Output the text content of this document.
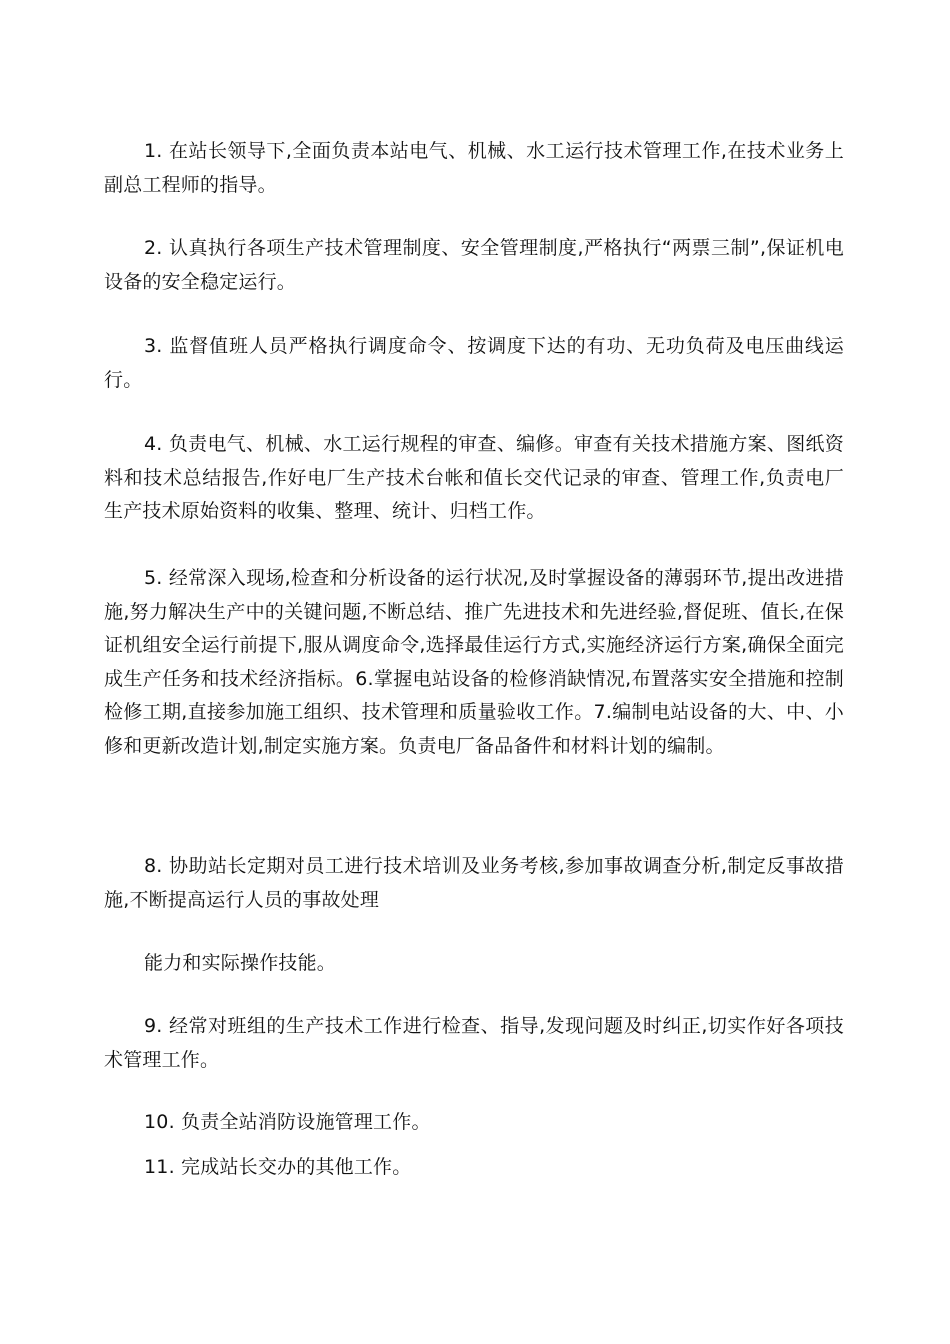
1. 在站长领导下,全面负责本站电气、机械、水工运行技术管理工作,在技术业务上副总工程师的指导。

2. 认真执行各项生产技术管理制度、安全管理制度,严格执行“两票三制”,保证机电设备的安全稳定运行。

3. 监督值班人员严格执行调度命令、按调度下达的有功、无功负荷及电压曲线运行。

4. 负责电气、机械、水工运行规程的审查、编修。审查有关技术措施方案、图纸资料和技术总结报告,作好电厂生产技术台帐和值长交代记录的审查、管理工作,负责电厂生产技术原始资料的收集、整理、统计、归档工作。

5. 经常深入现场,检查和分析设备的运行状况,及时掌握设备的薄弱环节,提出改进措施,努力解决生产中的关键问题,不断总结、推广先进技术和先进经验,督促班、值长,在保证机组安全运行前提下,服从调度命令,选择最佳运行方式,实施经济运行方案,确保全面完成生产任务和技术经济指标。6.掌握电站设备的检修消缺情况,布置落实安全措施和控制检修工期,直接参加施工组织、技术管理和质量验收工作。7.编制电站设备的大、中、小修和更新改造计划,制定实施方案。负责电厂备品备件和材料计划的编制。

8. 协助站长定期对员工进行技术培训及业务考核,参加事故调查分析,制定反事故措施,不断提高运行人员的事故处理

能力和实际操作技能。

9. 经常对班组的生产技术工作进行检查、指导,发现问题及时纠正,切实作好各项技术管理工作。

10. 负责全站消防设施管理工作。

11. 完成站长交办的其他工作。
